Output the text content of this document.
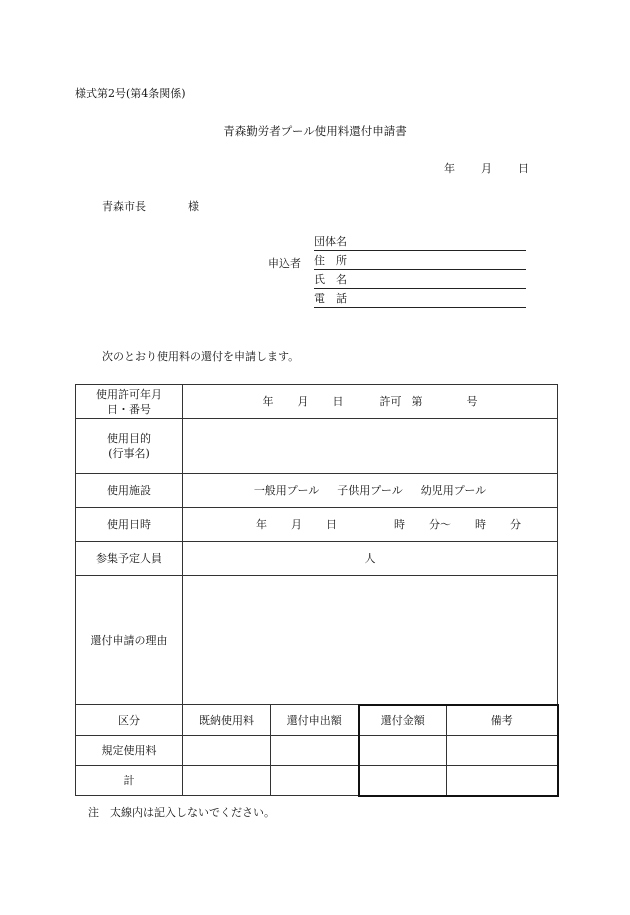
様式第2号(第4条関係)
青森勤労者プール使用料還付申請書
年 月 日
青森市長	様
申込者
団体名
住　所
氏　名
電　話
次のとおり使用料の還付を申請します。
使用許可年月
日・番号	年 月 日 許可 第 号			

使用目的
(行事名)				

使用施設	一般用プール 子供用プール 幼児用プール			
使用日時	年 月 日 時 分〜 時 分			
参集予定人員	人			
還付申請の理由				
区分	既納使用料	還付申出額	還付金額	備考
規定使用料				
計				
注　太線内は記入しないでください。
